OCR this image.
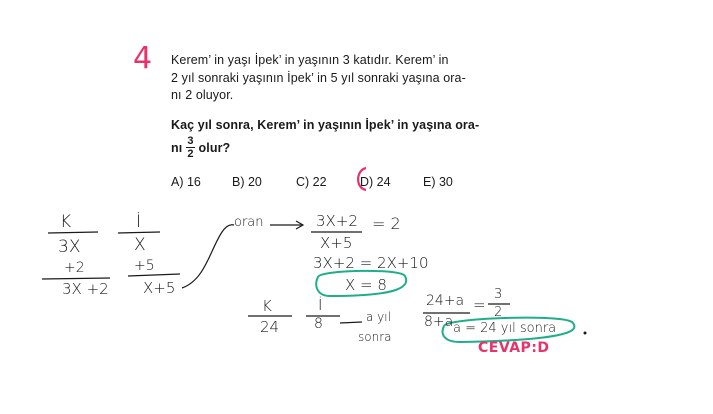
4 Kerem’ in yaşı İpek’ in yaşının 3 katıdır. Kerem’ in
2 yıl sonraki yaşının İpek’ in 5 yıl sonraki yaşına ora-
nı 2 oluyor.
Kaç yıl sonra, Kerem’ in yaşının İpek’ in yaşına ora-
nı $\frac{3}{2}$ olur?
A) 16 B) 20	C) 22	D) 24	E) 30
K	İ
3X	X
+2	+5
3X +2 X+5
oran	3X+2
X+5
= 2
3X+2 = 2X+10
X = 8
K	İ
24 8	a yıl
sonra
24+a
8+a
=
3
2
a = 24 yıl sonra
CEVAP:D
